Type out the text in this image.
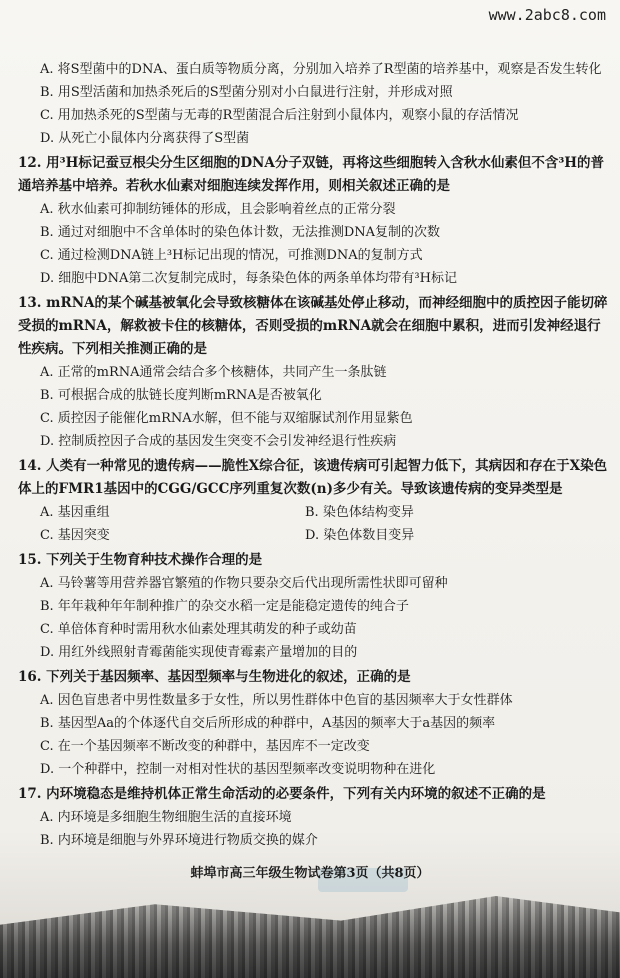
www.2abc8.com

A. 将S型菌中的DNA、蛋白质等物质分离，分别加入培养了R型菌的培养基中，观察是否发生转化

B. 用S型活菌和加热杀死后的S型菌分别对小白鼠进行注射，并形成对照

C. 用加热杀死的S型菌与无毒的R型菌混合后注射到小鼠体内，观察小鼠的存活情况

D. 从死亡小鼠体内分离获得了S型菌

12. 用³H标记蚕豆根尖分生区细胞的DNA分子双链，再将这些细胞转入含秋水仙素但不含³H的普通培养基中培养。若秋水仙素对细胞连续发挥作用，则相关叙述正确的是

A. 秋水仙素可抑制纺锤体的形成，且会影响着丝点的正常分裂

B. 通过对细胞中不含单体时的染色体计数，无法推测DNA复制的次数

C. 通过检测DNA链上³H标记出现的情况，可推测DNA的复制方式

D. 细胞中DNA第二次复制完成时，每条染色体的两条单体均带有³H标记

13. mRNA的某个碱基被氧化会导致核糖体在该碱基处停止移动，而神经细胞中的质控因子能切碎受损的mRNA，解救被卡住的核糖体，否则受损的mRNA就会在细胞中累积，进而引发神经退行性疾病。下列相关推测正确的是

A. 正常的mRNA通常会结合多个核糖体，共同产生一条肽链

B. 可根据合成的肽链长度判断mRNA是否被氧化

C. 质控因子能催化mRNA水解，但不能与双缩脲试剂作用显紫色

D. 控制质控因子合成的基因发生突变不会引发神经退行性疾病

14. 人类有一种常见的遗传病——脆性X综合征，该遗传病可引起智力低下，其病因和存在于X染色体上的FMR1基因中的CGG/GCC序列重复次数(n)多少有关。导致该遗传病的变异类型是

A. 基因重组	B. 染色体结构变异

C. 基因突变	D. 染色体数目变异

15. 下列关于生物育种技术操作合理的是

A. 马铃薯等用营养器官繁殖的作物只要杂交后代出现所需性状即可留种

B. 年年栽种年年制种推广的杂交水稻一定是能稳定遗传的纯合子

C. 单倍体育种时需用秋水仙素处理其萌发的种子或幼苗

D. 用红外线照射青霉菌能实现使青霉素产量增加的目的

16. 下列关于基因频率、基因型频率与生物进化的叙述，正确的是

A. 因色盲患者中男性数量多于女性，所以男性群体中色盲的基因频率大于女性群体

B. 基因型Aa的个体逐代自交后所形成的种群中，A基因的频率大于a基因的频率

C. 在一个基因频率不断改变的种群中，基因库不一定改变

D. 一个种群中，控制一对相对性状的基因型频率改变说明物种在进化

17. 内环境稳态是维持机体正常生命活动的必要条件，下列有关内环境的叙述不正确的是

A. 内环境是多细胞生物细胞生活的直接环境

B. 内环境是细胞与外界环境进行物质交换的媒介

蚌埠市高三年级生物试卷第3页（共8页）
